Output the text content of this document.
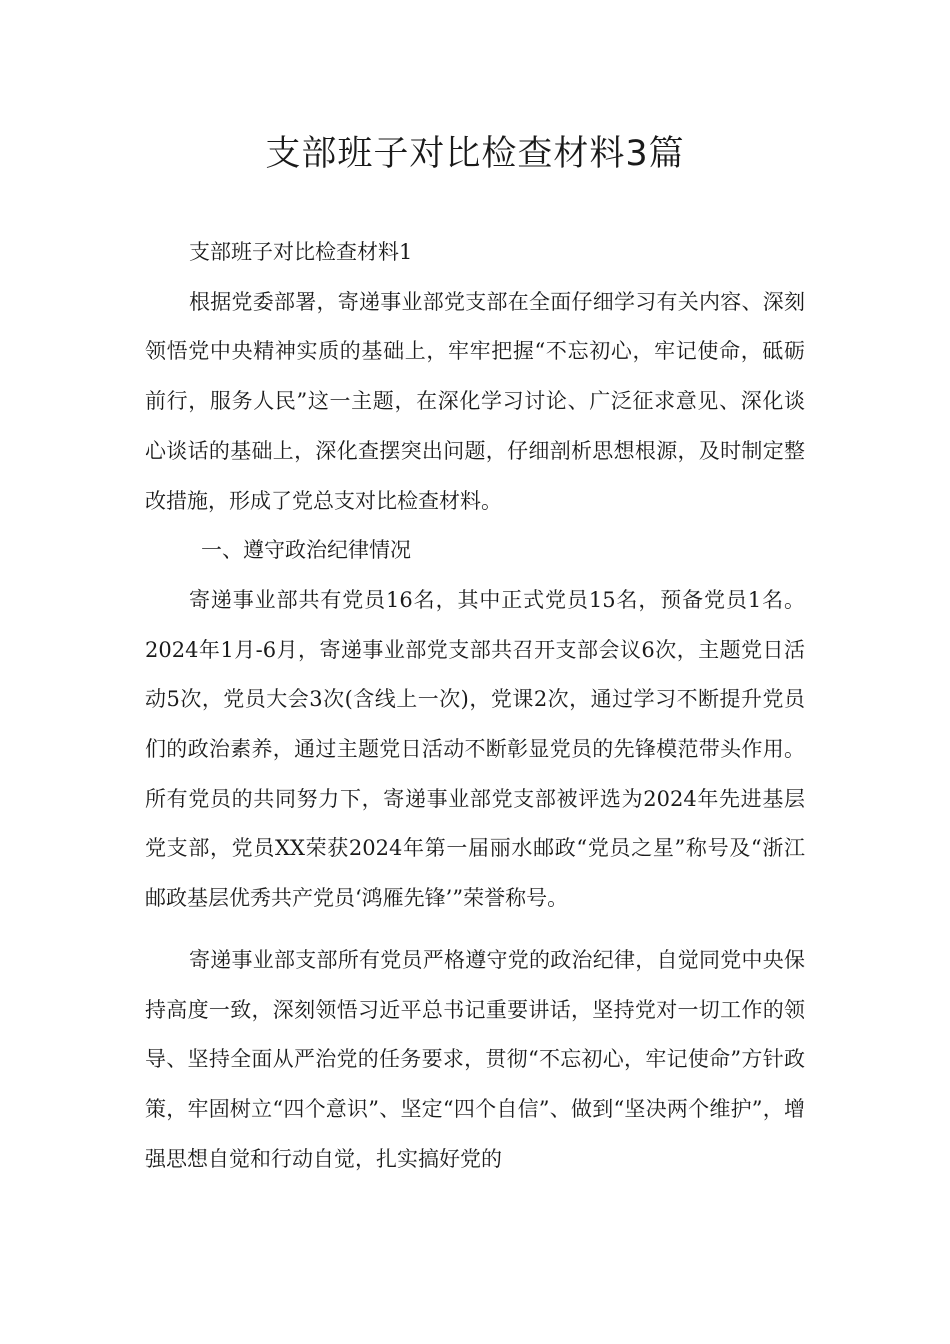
支部班子对比检查材料3篇

支部班子对比检查材料1

根据党委部署，寄递事业部党支部在全面仔细学习有关内容、深刻领悟党中央精神实质的基础上，牢牢把握“不忘初心，牢记使命，砥砺前行，服务人民”这一主题，在深化学习讨论、广泛征求意见、深化谈心谈话的基础上，深化查摆突出问题，仔细剖析思想根源，及时制定整改措施，形成了党总支对比检查材料。

一、遵守政治纪律情况

寄递事业部共有党员16名，其中正式党员15名，预备党员1名。2024年1月-6月，寄递事业部党支部共召开支部会议6次，主题党日活动5次，党员大会3次(含线上一次)，党课2次，通过学习不断提升党员们的政治素养，通过主题党日活动不断彰显党员的先锋模范带头作用。所有党员的共同努力下，寄递事业部党支部被评选为2024年先进基层党支部，党员XX荣获2024年第一届丽水邮政“党员之星”称号及“浙江邮政基层优秀共产党员‘鸿雁先锋’”荣誉称号。

寄递事业部支部所有党员严格遵守党的政治纪律，自觉同党中央保持高度一致，深刻领悟习近平总书记重要讲话，坚持党对一切工作的领导、坚持全面从严治党的任务要求，贯彻“不忘初心，牢记使命”方针政策，牢固树立“四个意识”、坚定“四个自信”、做到“坚决两个维护”，增强思想自觉和行动自觉，扎实搞好党的
